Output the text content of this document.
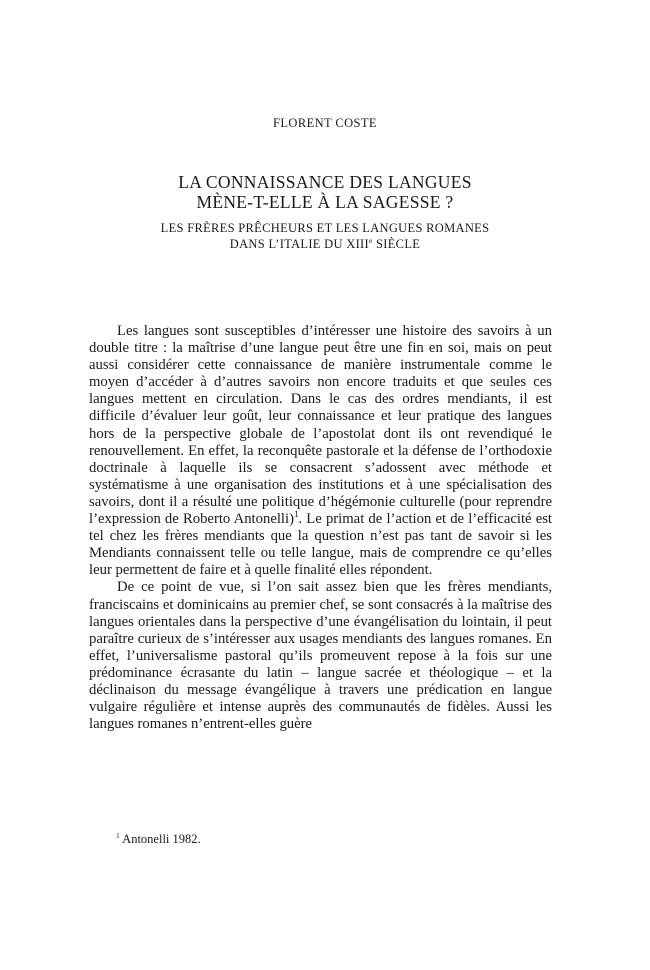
FLORENT COSTE
LA CONNAISSANCE DES LANGUES
MÈNE-T-ELLE À LA SAGESSE ?
LES FRÈRES PRÊCHEURS ET LES LANGUES ROMANES
DANS L’ITALIE DU XIIIe SIÈCLE

Les langues sont susceptibles d’intéresser une histoire des savoirs à un double titre : la maîtrise d’une langue peut être une fin en soi, mais on peut aussi considérer cette connaissance de manière instrumentale comme le moyen d’accéder à d’autres savoirs non encore traduits et que seules ces langues mettent en circulation. Dans le cas des ordres mendiants, il est difficile d’évaluer leur goût, leur connaissance et leur pratique des langues hors de la perspective globale de l’apostolat dont ils ont revendiqué le renouvellement. En effet, la reconquête pastorale et la défense de l’orthodoxie doctrinale à laquelle ils se consacrent s’adossent avec méthode et systématisme à une organisation des institutions et à une spécialisation des savoirs, dont il a résulté une politique d’hégémonie culturelle (pour reprendre l’expression de Roberto Antonelli)$^1$. Le primat de l’action et de l’efficacité est tel chez les frères mendiants que la question n’est pas tant de savoir si les Mendiants connaissent telle ou telle langue, mais de comprendre ce qu’elles leur permettent de faire et à quelle finalité elles répondent.

De ce point de vue, si l’on sait assez bien que les frères mendiants, franciscains et dominicains au premier chef, se sont consacrés à la maîtrise des langues orientales dans la perspective d’une évangélisation du lointain, il peut paraître curieux de s’intéresser aux usages mendiants des langues romanes. En effet, l’universalisme pastoral qu’ils promeuvent repose à la fois sur une prédominance écrasante du latin – langue sacrée et théologique – et la déclinaison du message évangélique à travers une prédication en langue vulgaire régulière et intense auprès des communautés de fidèles. Aussi les langues romanes n’entrent-elles guère

$^1$ Antonelli 1982.
